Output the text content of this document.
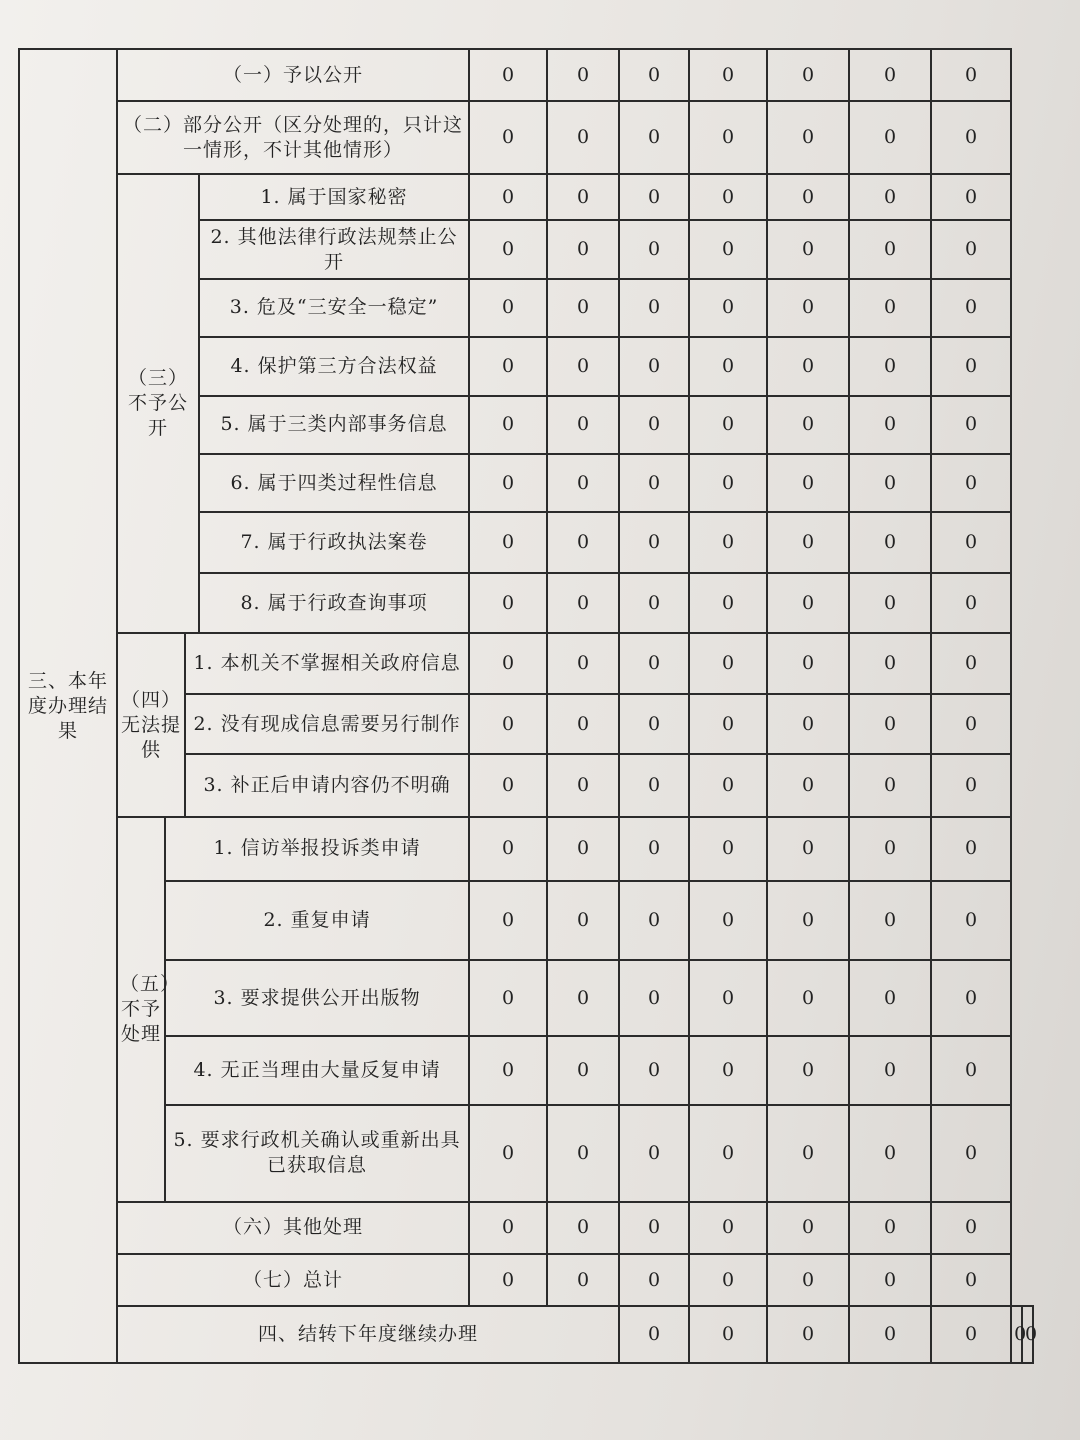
三、本年度办理结果	（一）予以公开				0	0	0	0	0	0	0		
	（二）部分公开（区分处理的，只计这一情形，不计其他情形）				0	0	0	0	0	0	0		
	（三）不予公开			1. 属于国家秘密	0	0	0	0	0	0	0		
				2. 其他法律行政法规禁止公开	0	0	0	0	0	0	0		
				3. 危及“三安全一稳定”	0	0	0	0	0	0	0		
				4. 保护第三方合法权益	0	0	0	0	0	0	0		
				5. 属于三类内部事务信息	0	0	0	0	0	0	0		
				6. 属于四类过程性信息	0	0	0	0	0	0	0		
				7. 属于行政执法案卷	0	0	0	0	0	0	0		
				8. 属于行政查询事项	0	0	0	0	0	0	0		
	（四）无法提供		1. 本机关不掌握相关政府信息		0	0	0	0	0	0	0		
			2. 没有现成信息需要另行制作		0	0	0	0	0	0	0		
			3. 补正后申请内容仍不明确		0	0	0	0	0	0	0		
	（五）不予处理	1. 信访举报投诉类申请			0	0	0	0	0	0	0		
		2. 重复申请			0	0	0	0	0	0	0		
		3. 要求提供公开出版物			0	0	0	0	0	0	0		
		4. 无正当理由大量反复申请			0	0	0	0	0	0	0		
		5. 要求行政机关确认或重新出具已获取信息			0	0	0	0	0	0	0		
	（六）其他处理				0	0	0	0	0	0	0		
	（七）总计				0	0	0	0	0	0	0		
	四、结转下年度继续办理						0	0	0	0	0	0	0
